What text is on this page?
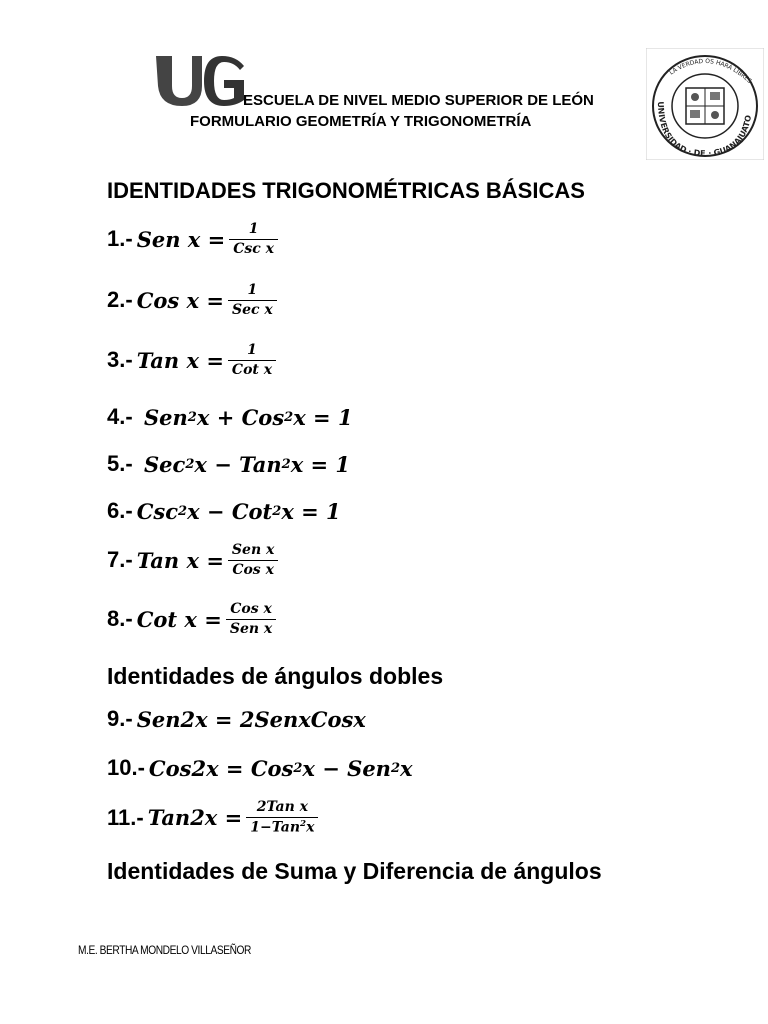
UG	ESCUELA DE NIVEL MEDIO SUPERIOR DE LEÓN
FORMULARIO GEOMETRÍA Y TRIGONOMETRÍA
LA VERDAD OS HARÁ LIBRES
UNIVERSIDAD · DE · GUANAJUATO
IDENTIDADES TRIGONOMÉTRICAS BÁSICAS
1.- Sen $x = \frac{1}{\text{Csc x}}$
2.- Cos $x = \frac{1}{\text{Sec x}}$
3.- Tan $x = \frac{1}{\text{Cot x}}$
4.-
Sen 2 x + Cos 2 x = 1
5.-
Sec 2 x − Tan 2 x = 1
6.- Csc 2 x − Cot 2 x = 1
7.- Tan $x = \frac{\text{Sen x}}{\text{Cos x}}$
8.- Cot $x = \frac{\text{Cos x}}{\text{Sen x}}$
Identidades de ángulos dobles
9.- Sen2x = 2SenxCosx
10.- Cos2x = Cos 2 x − Sen 2 x
11.- $Tan2x = \frac{\text{2Tan x}}{1-Tan^2x}$
Identidades de Suma y Diferencia de ángulos
M.E. BERTHA MONDELO VILLASEÑOR
